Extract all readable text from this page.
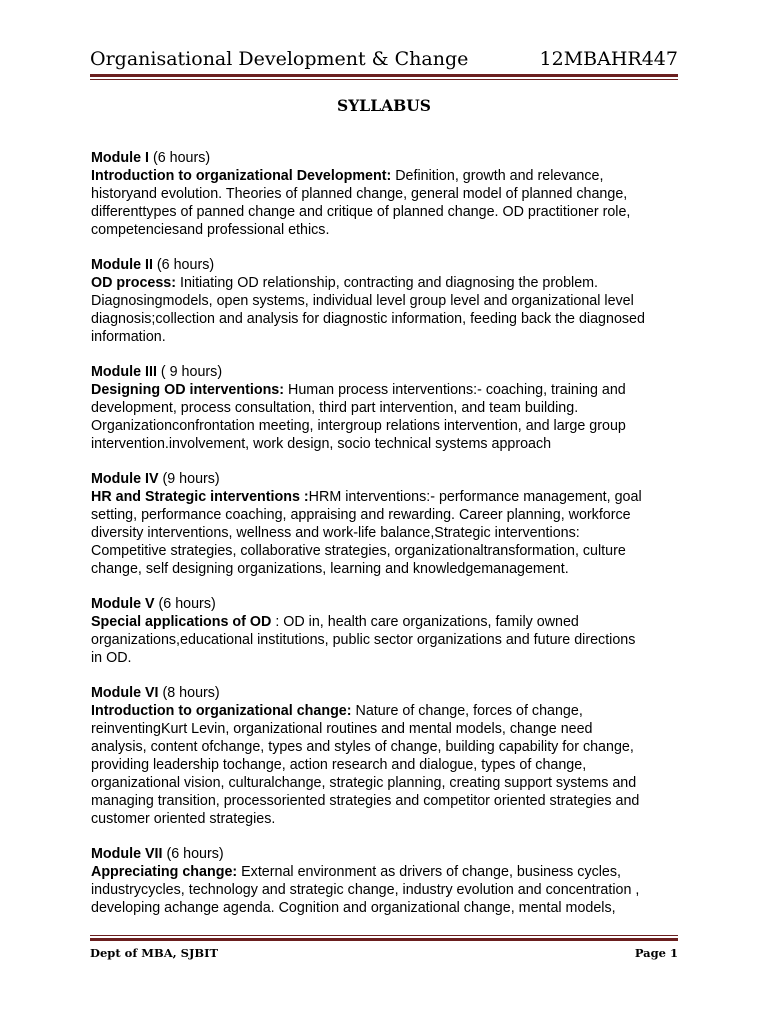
Organisational Development & Change	12MBAHR447
SYLLABUS

Module I (6 hours)

Introduction to organizational Development: Definition, growth and relevance,

historyand evolution. Theories of planned change, general model of planned change,

differenttypes of panned change and critique of planned change. OD practitioner role,

competenciesand professional ethics.

Module II (6 hours)

OD process: Initiating OD relationship, contracting and diagnosing the problem.

Diagnosingmodels, open systems, individual level group level and organizational level

diagnosis;collection and analysis for diagnostic information, feeding back the diagnosed

information.

Module III ( 9 hours)

Designing OD interventions: Human process interventions:- coaching, training and

development, process consultation, third part intervention, and team building.

Organizationconfrontation meeting, intergroup relations intervention, and large group

intervention.involvement, work design, socio technical systems approach

Module IV (9 hours)

HR and Strategic interventions :HRM interventions:- performance management, goal

setting, performance coaching, appraising and rewarding. Career planning, workforce

diversity interventions, wellness and work-life balance,Strategic interventions:

Competitive strategies, collaborative strategies, organizationaltransformation, culture

change, self designing organizations, learning and knowledgemanagement.

Module V (6 hours)

Special applications of OD : OD in, health care organizations, family owned

organizations,educational institutions, public sector organizations and future directions

in OD.

Module VI (8 hours)

Introduction to organizational change: Nature of change, forces of change,

reinventingKurt Levin, organizational routines and mental models, change need

analysis, content ofchange, types and styles of change, building capability for change,

providing leadership tochange, action research and dialogue, types of change,

organizational vision, culturalchange, strategic planning, creating support systems and

managing transition, processoriented strategies and competitor oriented strategies and

customer oriented strategies.

Module VII (6 hours)

Appreciating change: External environment as drivers of change, business cycles,

industrycycles, technology and strategic change, industry evolution and concentration ,

developing achange agenda. Cognition and organizational change, mental models,

Dept of MBA, SJBIT	Page 1
